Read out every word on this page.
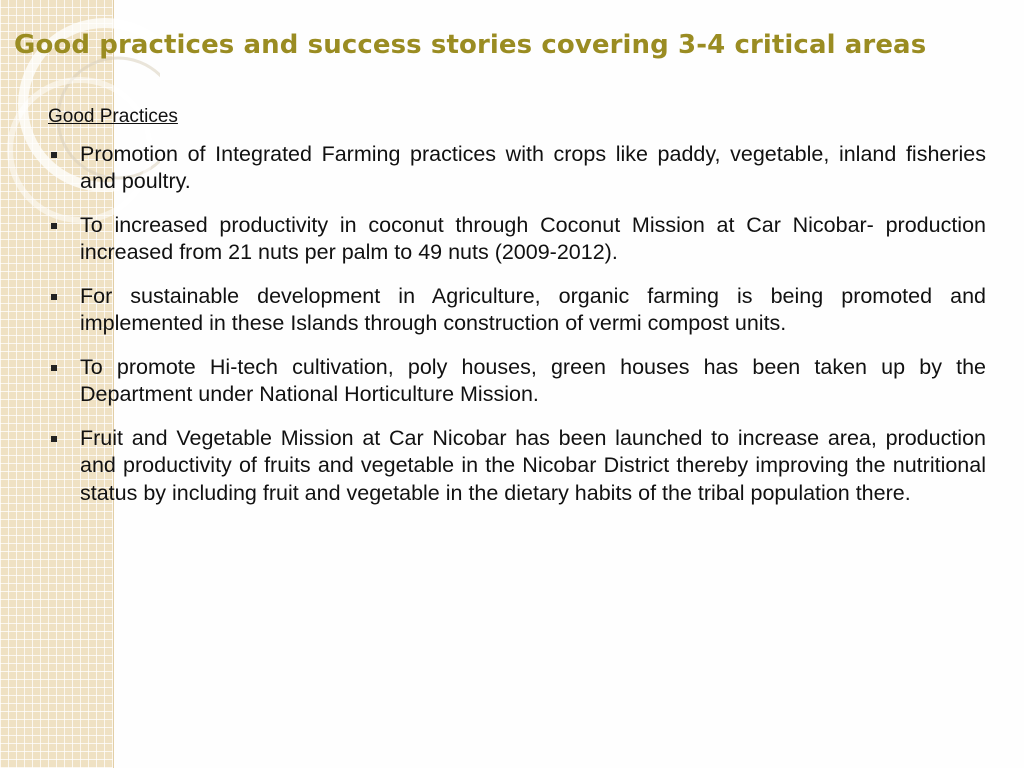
Good practices and success stories covering 3-4 critical areas
Good Practices
Promotion of Integrated Farming practices with crops like paddy, vegetable, inland fisheries and poultry.
To increased productivity in coconut through Coconut Mission at Car Nicobar- production increased from 21 nuts per palm to 49 nuts (2009-2012).
For sustainable development in Agriculture, organic farming is being promoted and implemented in these Islands through construction of vermi compost units.
To promote Hi-tech cultivation, poly houses, green houses has been taken up by the Department under National Horticulture Mission.
Fruit and Vegetable Mission at Car Nicobar has been launched to increase area, production and productivity of fruits and vegetable in the Nicobar District thereby improving the nutritional status by including fruit and vegetable in the dietary habits of the tribal population there.
